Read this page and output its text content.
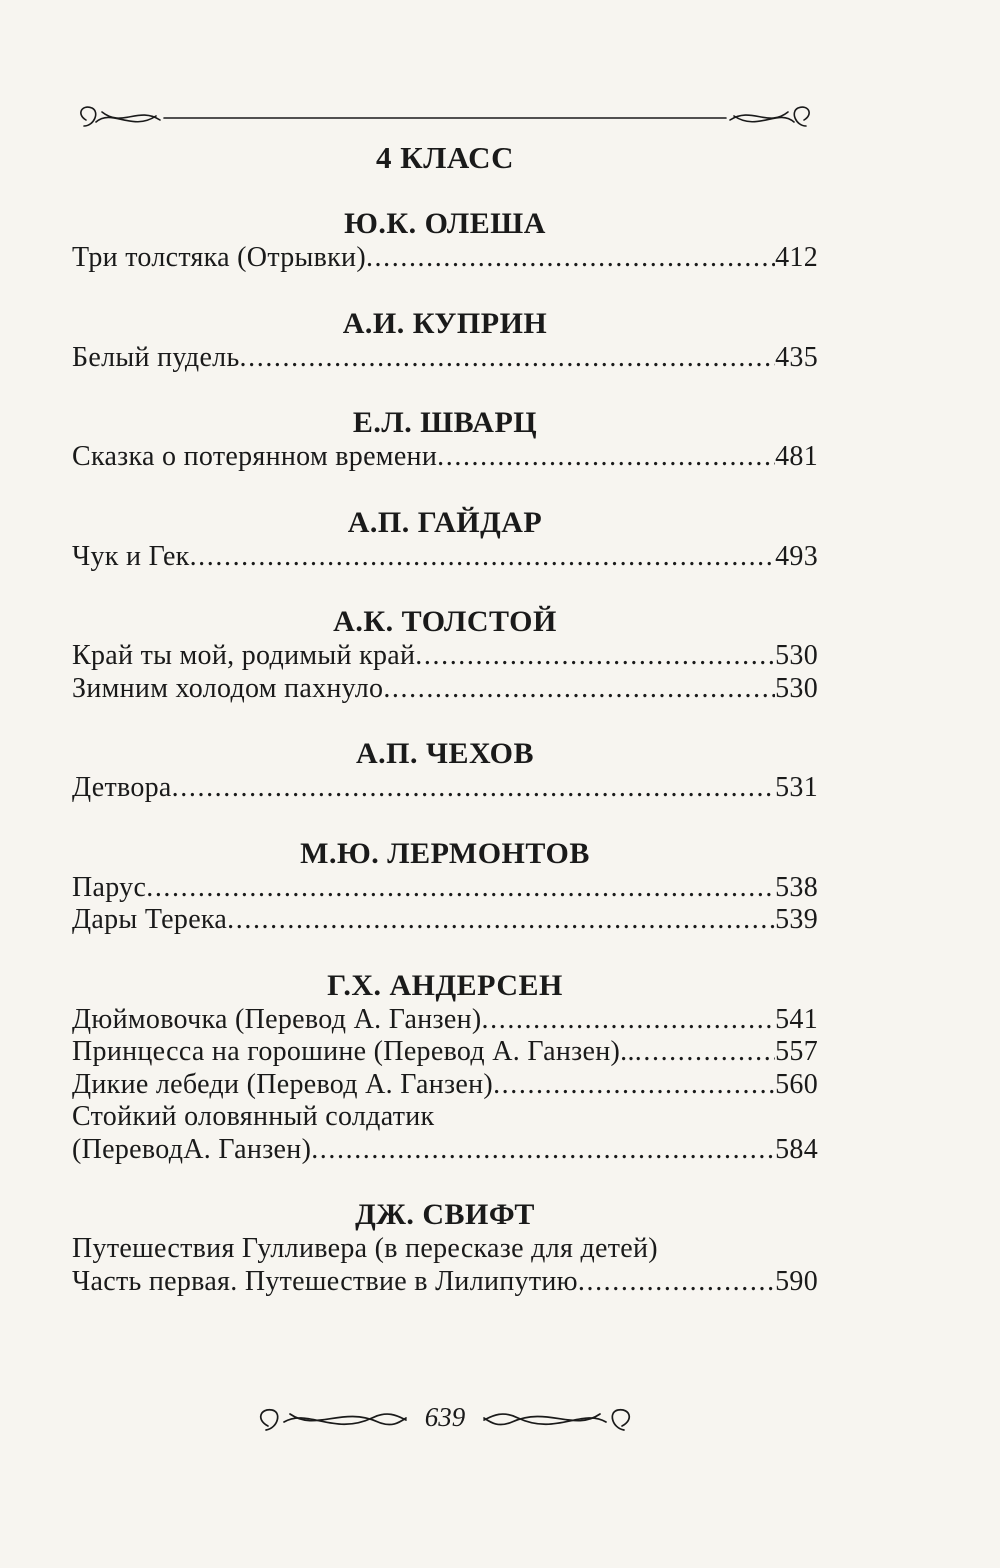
4 КЛАСС
Ю.К. ОЛЕША
Три толстяка (Отрывки) .....	412
А.И. КУПРИН
Белый пудель .....	435
Е.Л. ШВАРЦ
Сказка о потерянном времени .....	481
А.П. ГАЙДАР
Чук и Гек .....	493
А.К. ТОЛСТОЙ
Край ты мой, родимый край .....	530
Зимним холодом пахнуло .....	530
А.П. ЧЕХОВ
Детвора .....	531
М.Ю. ЛЕРМОНТОВ
Парус .....	538
Дары Терека .....	539
Г.Х. АНДЕРСЕН
Дюймовочка (Перевод А. Ганзен) .....	541
Принцесса на горошине (Перевод А. Ганзен).. .....	557
Дикие лебеди (Перевод А. Ганзен) .....	560
Стойкий оловянный солдатик
(ПереводА. Ганзен) .....	584
ДЖ. СВИФТ
Путешествия Гулливера (в пересказе для детей)
Часть первая. Путешествие в Лилипутию .....	590
639
